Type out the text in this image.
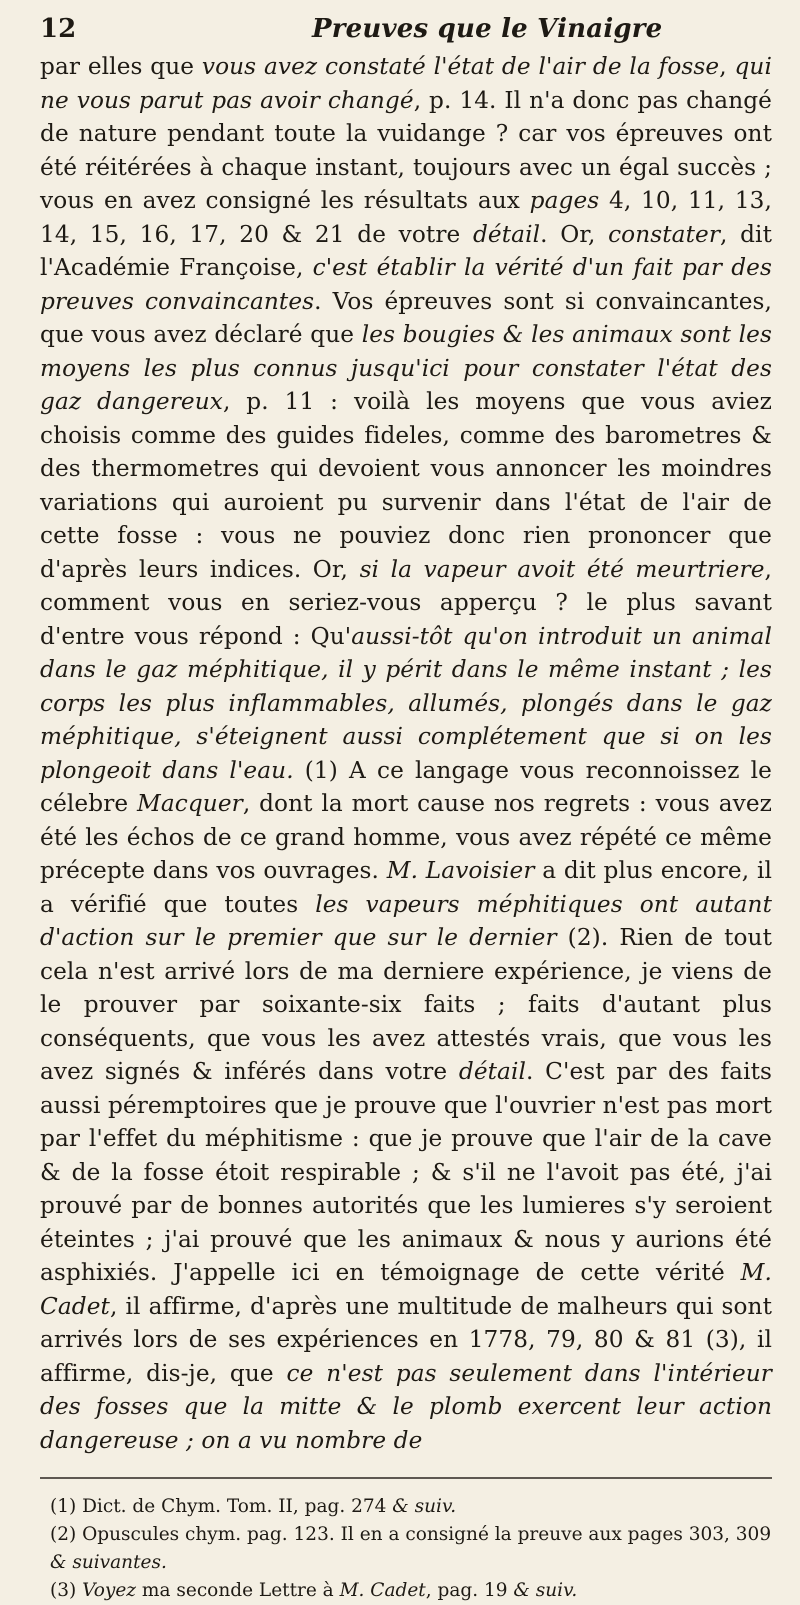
12	Preuves que le Vinaigre
par elles que vous avez constaté l'état de l'air de la fosse, qui ne vous parut pas avoir changé, p. 14. Il n'a donc pas changé de nature pendant toute la vuidange ? car vos épreuves ont été réitérées à chaque instant, toujours avec un égal succès ; vous en avez consigné les résultats aux pages 4, 10, 11, 13, 14, 15, 16, 17, 20 & 21 de votre détail. Or, constater, dit l'Académie Françoise, c'est établir la vérité d'un fait par des preuves convaincantes. Vos épreuves sont si convaincantes, que vous avez déclaré que les bougies & les animaux sont les moyens les plus connus jusqu'ici pour constater l'état des gaz dangereux, p. 11 : voilà les moyens que vous aviez choisis comme des guides fideles, comme des barometres & des thermometres qui devoient vous annoncer les moindres variations qui auroient pu survenir dans l'état de l'air de cette fosse : vous ne pouviez donc rien prononcer que d'après leurs indices. Or, si la vapeur avoit été meurtriere, comment vous en seriez-vous apperçu ? le plus savant d'entre vous répond : Qu'aussi-tôt qu'on introduit un animal dans le gaz méphitique, il y périt dans le même instant ; les corps les plus inflammables, allumés, plongés dans le gaz méphitique, s'éteignent aussi complétement que si on les plongeoit dans l'eau. (1) A ce langage vous reconnoissez le célebre Macquer, dont la mort cause nos regrets : vous avez été les échos de ce grand homme, vous avez répété ce même précepte dans vos ouvrages. M. Lavoisier a dit plus encore, il a vérifié que toutes les vapeurs méphitiques ont autant d'action sur le premier que sur le dernier (2). Rien de tout cela n'est arrivé lors de ma derniere expérience, je viens de le prouver par soixante-six faits ; faits d'autant plus conséquents, que vous les avez attestés vrais, que vous les avez signés & inférés dans votre détail. C'est par des faits aussi péremptoires que je prouve que l'ouvrier n'est pas mort par l'effet du méphitisme : que je prouve que l'air de la cave & de la fosse étoit respirable ; & s'il ne l'avoit pas été, j'ai prouvé par de bonnes autorités que les lumieres s'y seroient éteintes ; j'ai prouvé que les animaux & nous y aurions été asphixiés. J'appelle ici en témoignage de cette vérité M. Cadet, il affirme, d'après une multitude de malheurs qui sont arrivés lors de ses expériences en 1778, 79, 80 & 81 (3), il affirme, dis-je, que ce n'est pas seulement dans l'intérieur des fosses que la mitte & le plomb exercent leur action dangereuse ; on a vu nombre de

(1) Dict. de Chym. Tom. II, pag. 274 & suiv.

(2) Opuscules chym. pag. 123. Il en a consigné la preuve aux pages 303, 309 & suivantes.

(3) Voyez ma seconde Lettre à M. Cadet, pag. 19 & suiv.
